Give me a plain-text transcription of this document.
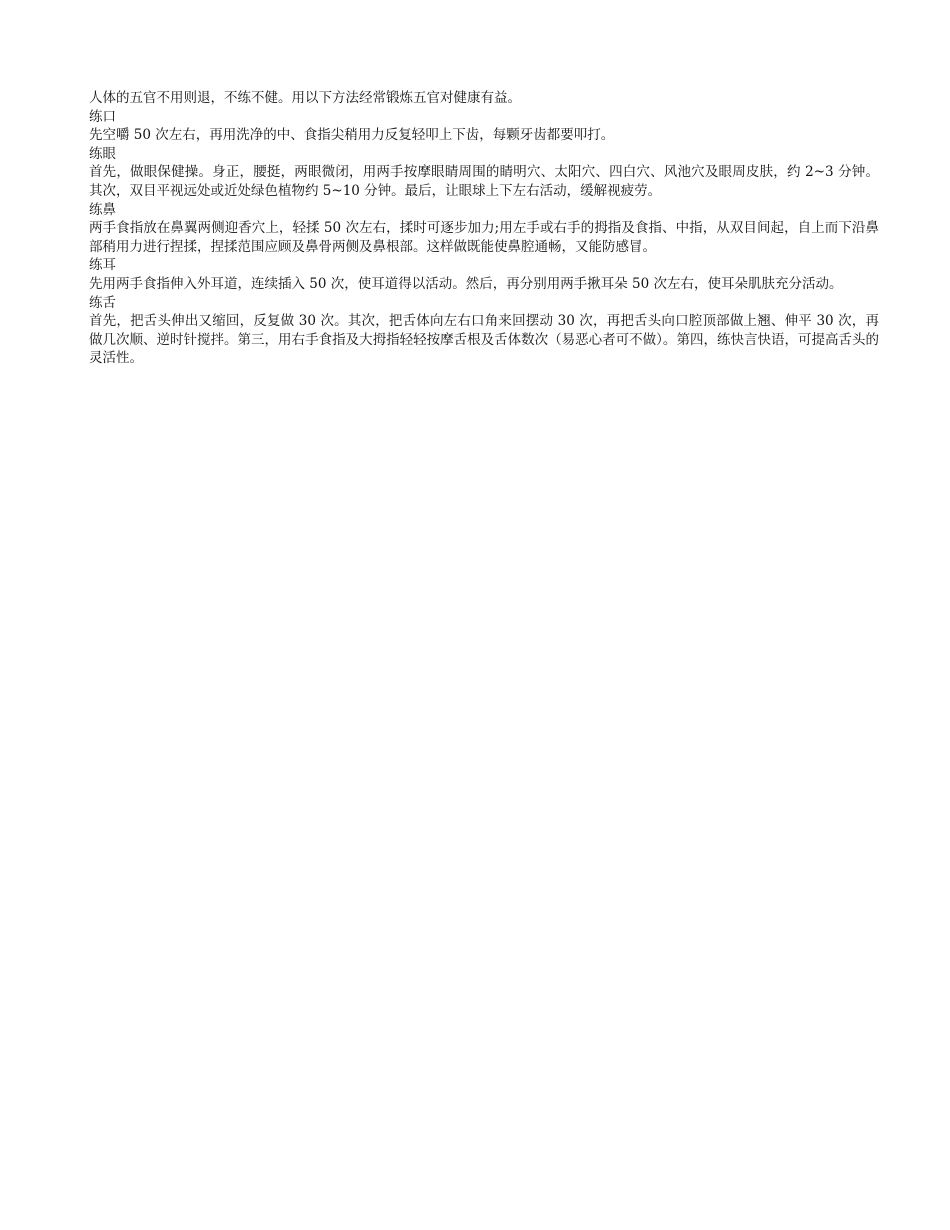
人体的五官不用则退，不练不健。用以下方法经常锻炼五官对健康有益。

练口

先空嚼 50 次左右，再用洗净的中、食指尖稍用力反复轻叩上下齿，每颗牙齿都要叩打。

练眼

首先，做眼保健操。身正，腰挺，两眼微闭，用两手按摩眼睛周围的睛明穴、太阳穴、四白穴、风池穴及眼周皮肤，约 2~3 分钟。其次，双目平视远处或近处绿色植物约 5~10 分钟。最后，让眼球上下左右活动，缓解视疲劳。

练鼻

两手食指放在鼻翼两侧迎香穴上，轻揉 50 次左右，揉时可逐步加力;用左手或右手的拇指及食指、中指，从双目间起，自上而下沿鼻部稍用力进行捏揉，捏揉范围应顾及鼻骨两侧及鼻根部。这样做既能使鼻腔通畅，又能防感冒。

练耳

先用两手食指伸入外耳道，连续插入 50 次，使耳道得以活动。然后，再分别用两手揪耳朵 50 次左右，使耳朵肌肤充分活动。

练舌

首先，把舌头伸出又缩回，反复做 30 次。其次，把舌体向左右口角来回摆动 30 次，再把舌头向口腔顶部做上翘、伸平 30 次，再做几次顺、逆时针搅拌。第三，用右手食指及大拇指轻轻按摩舌根及舌体数次（易恶心者可不做）。第四，练快言快语，可提高舌头的灵活性。
